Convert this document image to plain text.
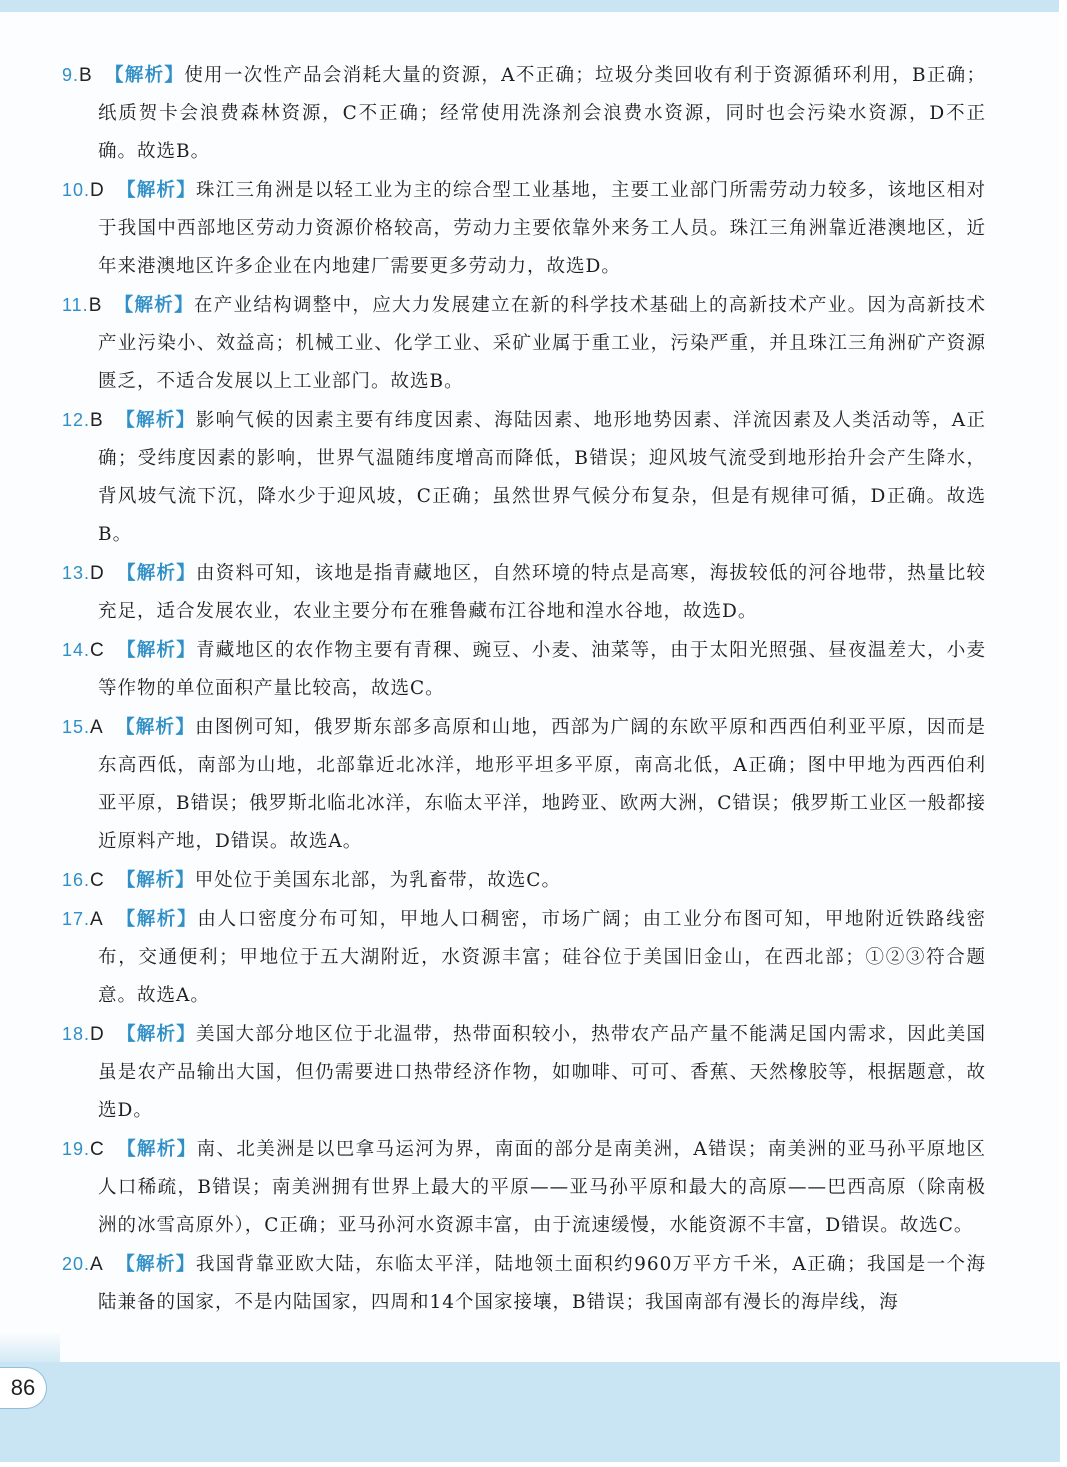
9.B 【解析】使用一次性产品会消耗大量的资源，A不正确；垃圾分类回收有利于资源循环利用，B正确；纸质贺卡会浪费森林资源，C不正确；经常使用洗涤剂会浪费水资源，同时也会污染水资源，D不正确。故选B。
10.D 【解析】珠江三角洲是以轻工业为主的综合型工业基地，主要工业部门所需劳动力较多，该地区相对于我国中西部地区劳动力资源价格较高，劳动力主要依靠外来务工人员。珠江三角洲靠近港澳地区，近年来港澳地区许多企业在内地建厂需要更多劳动力，故选D。
11.B 【解析】在产业结构调整中，应大力发展建立在新的科学技术基础上的高新技术产业。因为高新技术产业污染小、效益高；机械工业、化学工业、采矿业属于重工业，污染严重，并且珠江三角洲矿产资源匮乏，不适合发展以上工业部门。故选B。
12.B 【解析】影响气候的因素主要有纬度因素、海陆因素、地形地势因素、洋流因素及人类活动等，A正确；受纬度因素的影响，世界气温随纬度增高而降低，B错误；迎风坡气流受到地形抬升会产生降水，背风坡气流下沉，降水少于迎风坡，C正确；虽然世界气候分布复杂，但是有规律可循，D正确。故选B。
13.D 【解析】由资料可知，该地是指青藏地区，自然环境的特点是高寒，海拔较低的河谷地带，热量比较充足，适合发展农业，农业主要分布在雅鲁藏布江谷地和湟水谷地，故选D。
14.C 【解析】青藏地区的农作物主要有青稞、豌豆、小麦、油菜等，由于太阳光照强、昼夜温差大，小麦等作物的单位面积产量比较高，故选C。
15.A 【解析】由图例可知，俄罗斯东部多高原和山地，西部为广阔的东欧平原和西西伯利亚平原，因而是东高西低，南部为山地，北部靠近北冰洋，地形平坦多平原，南高北低，A正确；图中甲地为西西伯利亚平原，B错误；俄罗斯北临北冰洋，东临太平洋，地跨亚、欧两大洲，C错误；俄罗斯工业区一般都接近原料产地，D错误。故选A。
16.C 【解析】甲处位于美国东北部，为乳畜带，故选C。
17.A 【解析】由人口密度分布可知，甲地人口稠密，市场广阔；由工业分布图可知，甲地附近铁路线密布，交通便利；甲地位于五大湖附近，水资源丰富；硅谷位于美国旧金山，在西北部；①②③符合题意。故选A。
18.D 【解析】美国大部分地区位于北温带，热带面积较小，热带农产品产量不能满足国内需求，因此美国虽是农产品输出大国，但仍需要进口热带经济作物，如咖啡、可可、香蕉、天然橡胶等，根据题意，故选D。
19.C 【解析】南、北美洲是以巴拿马运河为界，南面的部分是南美洲，A错误；南美洲的亚马孙平原地区人口稀疏，B错误；南美洲拥有世界上最大的平原——亚马孙平原和最大的高原——巴西高原（除南极洲的冰雪高原外），C正确；亚马孙河水资源丰富，由于流速缓慢，水能资源不丰富，D错误。故选C。
20.A 【解析】我国背靠亚欧大陆，东临太平洋，陆地领土面积约960万平方千米，A正确；我国是一个海陆兼备的国家，不是内陆国家，四周和14个国家接壤，B错误；我国南部有漫长的海岸线，海
86
